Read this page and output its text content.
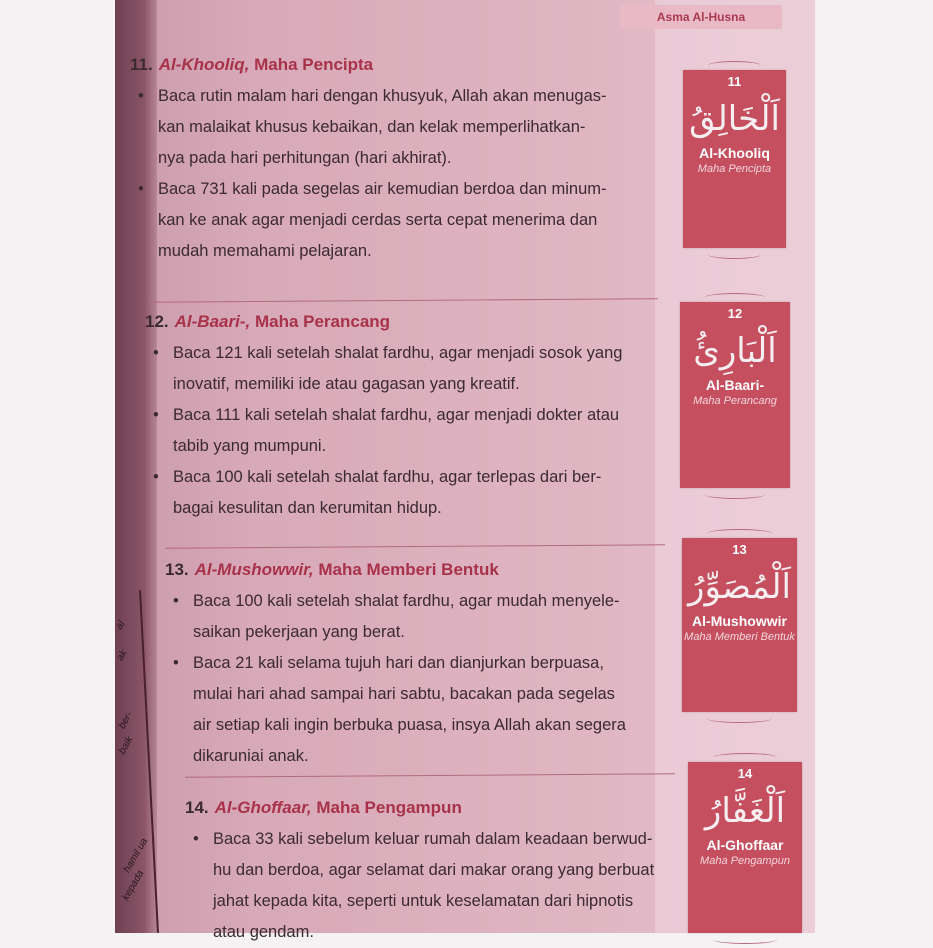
al
ak
ber-
baik
hamil ua
kepada
Asma Al-Husna
11. Al-Khooliq, Maha Pencipta
• Baca rutin malam hari dengan khusyuk, Allah akan menugas-
kan malaikat khusus kebaikan, dan kelak memperlihatkan-
nya pada hari perhitungan (hari akhirat).
• Baca 731 kali pada segelas air kemudian berdoa dan minum-
kan ke anak agar menjadi cerdas serta cepat menerima dan
mudah memahami pelajaran.
12. Al-Baari-, Maha Perancang
• Baca 121 kali setelah shalat fardhu, agar menjadi sosok yang
inovatif, memiliki ide atau gagasan yang kreatif.
• Baca 111 kali setelah shalat fardhu, agar menjadi dokter atau
tabib yang mumpuni.
• Baca 100 kali setelah shalat fardhu, agar terlepas dari ber-
bagai kesulitan dan kerumitan hidup.
13. Al-Mushowwir, Maha Memberi Bentuk
• Baca 100 kali setelah shalat fardhu, agar mudah menyele-
saikan pekerjaan yang berat.
• Baca 21 kali selama tujuh hari dan dianjurkan berpuasa,
mulai hari ahad sampai hari sabtu, bacakan pada segelas
air setiap kali ingin berbuka puasa, insya Allah akan segera
dikaruniai anak.
14. Al-Ghoffaar, Maha Pengampun
• Baca 33 kali sebelum keluar rumah dalam keadaan berwud-
hu dan berdoa, agar selamat dari makar orang yang berbuat
jahat kepada kita, seperti untuk keselamatan dari hipnotis
atau gendam.
11
اَلْخَالِقُ
Al-Khooliq
Maha Pencipta
12
اَلْبَارِئُ
Al-Baari-
Maha Perancang
13
اَلْمُصَوِّرُ
Al-Mushowwir
Maha Memberi Bentuk
14
اَلْغَفَّارُ
Al-Ghoffaar
Maha Pengampun
